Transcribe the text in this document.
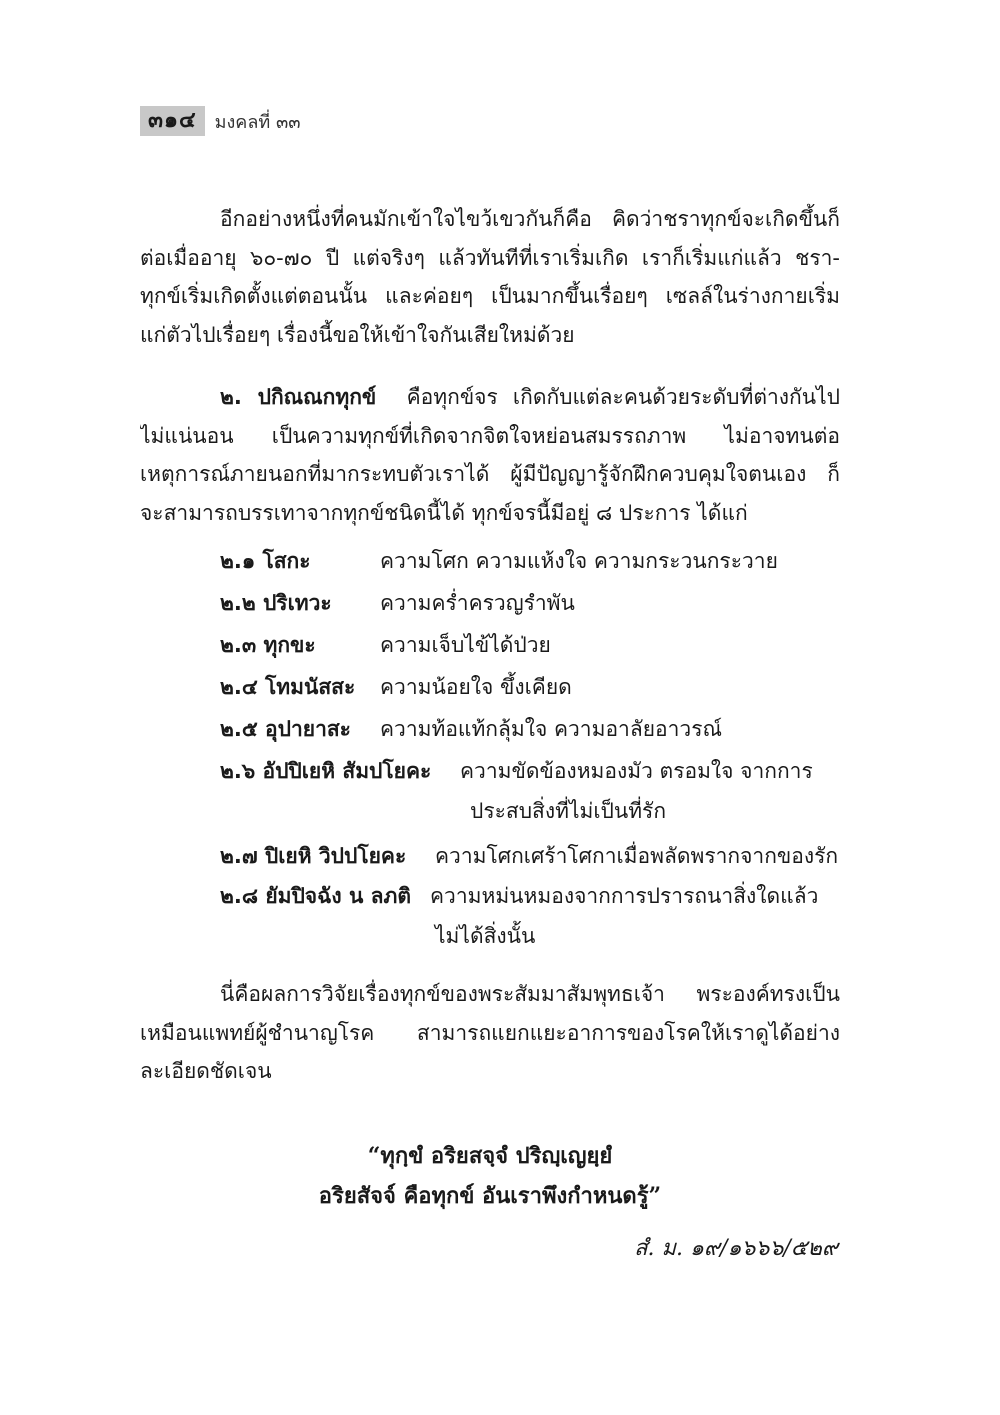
๓๑๔	มงคลที่ ๓๓
อีกอย่างหนึ่งที่คนมักเข้าใจไขว้เขวกันก็คือ คิดว่าชราทุกข์จะเกิดขึ้นก็
ต่อเมื่ออายุ ๖๐-๗๐ ปี แต่จริงๆ แล้วทันทีที่เราเริ่มเกิด เราก็เริ่มแก่แล้ว ชรา-
ทุกข์เริ่มเกิดตั้งแต่ตอนนั้น และค่อยๆ เป็นมากขึ้นเรื่อยๆ เซลล์ในร่างกายเริ่ม
แก่ตัวไปเรื่อยๆ เรื่องนี้ขอให้เข้าใจกันเสียใหม่ด้วย
๒. ปกิณณกทุกข์ คือทุกข์จร เกิดกับแต่ละคนด้วยระดับที่ต่างกันไป
ไม่แน่นอน เป็นความทุกข์ที่เกิดจากจิตใจหย่อนสมรรถภาพ ไม่อาจทนต่อ
เหตุการณ์ภายนอกที่มากระทบตัวเราได้ ผู้มีปัญญารู้จักฝึกควบคุมใจตนเอง ก็
จะสามารถบรรเทาจากทุกข์ชนิดนี้ได้ ทุกข์จรนี้มีอยู่ ๘ ประการ ได้แก่
๒.๑ โสกะ	ความโศก ความแห้งใจ ความกระวนกระวาย
๒.๒ ปริเทวะ ความคร่ำครวญรำพัน
๒.๓ ทุกขะ	ความเจ็บไข้ได้ป่วย
๒.๔ โทมนัสสะ ความน้อยใจ ขึ้งเคียด
๒.๕ อุปายาสะ ความท้อแท้กลุ้มใจ ความอาลัยอาวรณ์
๒.๖ อัปปิเยหิ สัมปโยคะ ความขัดข้องหมองมัว ตรอมใจ จากการ
ประสบสิ่งที่ไม่เป็นที่รัก
๒.๗ ปิเยหิ วิปปโยคะ ความโศกเศร้าโศกาเมื่อพลัดพรากจากของรัก
๒.๘ ยัมปิจฉัง น ลภติ ความหม่นหมองจากการปรารถนาสิ่งใดแล้ว
ไม่ได้สิ่งนั้น
นี่คือผลการวิจัยเรื่องทุกข์ของพระสัมมาสัมพุทธเจ้า พระองค์ทรงเป็น
เหมือนแพทย์ผู้ชำนาญโรค สามารถแยกแยะอาการของโรคให้เราดูได้อย่าง
ละเอียดชัดเจน
“ทุกฺขํ อริยสจฺจํ ปริญฺเญยฺยํ
อริยสัจจ์ คือทุกข์ อันเราพึงกำหนดรู้”
สํ. ม. ๑๙/๑๖๖๖/๕๒๙
